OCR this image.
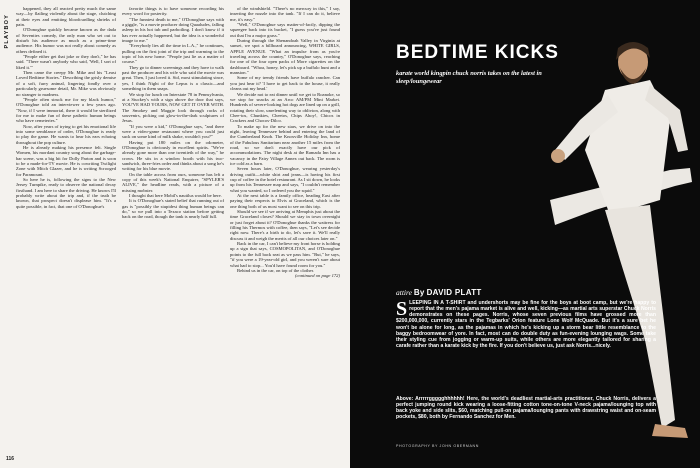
PLAYBOY

happened, they all reacted pretty much the same way—by flailing violently about the stage, clutching at their eyes and emitting bloodcurdling shrieks of pain.

O'Donoghue quickly became known as the dada of Seventies comedy, the only man who set out to disturb his audience as much as a prime-time audience. His humor was not really about comedy as others defined it.

"People either get that joke or they don't," he has said. "There wasn't anybody who said, 'Well, I sort of liked it.'"

Then came the creepy Mr. Mike and his "Least Loved Bedtime Stories." Describing the grisly demise of a soft, furry animal, lingering fondly over a particularly gruesome detail, Mr. Mike was obviously no stranger to madness.

"People often struck me for my black humor," O'Donoghue told an interviewer a few years ago. "Now, if I were immortal, there it would be sterilized for me to make fun of these pathetic human beings who have cemeteries."

Now, after years of trying to get his emotional life into some semblance of order, O'Donoghue is ready to play the game. He wants to hear his ears echoing throughout the pop culture.

He is already making his presence felt. Single Women, his mordant country song about the garbage-bar scene, was a big hit for Dolly Parton and is soon to be a made-for-TV movie. He is cowriting Twilight Zone with Mitch Glazer, and he is writing Scrooged for Paramount.

So here he is, following the signs to the New Jersey Turnpike, ready to observe the national decay firsthand. I am here to share the driving. He knows I'll probably write about the trip and, if the truth be known, that prospect doesn't displease him. "It's a quite possible, in fact, that one of O'Donoghue's

favorite things is to have someone recording his every word for posterity.

"The funniest death to me," O'Donoghue says with a giggle, "is a movie producer doing Quaaludes, falling asleep in his hot tub and parboiling. I don't know if it has ever actually happened, but the idea is a wonderful image to me."

"Everybody lies all the time in L.A.," he continues, pulling on the first joint of the trip and warming to the topic of his new home. "People just lie as a matter of course."

They go to dinner screenings and they have to walk past the producer and his wife who said the movie was great. Then, I just loved it. Sid, most stimulating since, yes, I think Night of the Lepus is a classic—and something in them snaps.

We stop for lunch on Interstate 78 in Pennsylvania, at a Stuckey's with a sign above the door that says, YOU'VE HAD YOURS, NOW GET IT OVER WITH. The Smokey and Maggie look through racks of souvenirs, picking out glow-in-the-dark sculptures of Jesus.

"If you were a kid," O'Donoghue says, "and there were a video-game restaurant where you could just suck on some kind of milk shake, wouldn't you?"

Having put 180 miles on the odometer, O'Donoghue is obviously in excellent spirits. "We've already gone more than one twentieth of the way," he crows. He sits in a window booth with his two-sandwich, three-fries order and thinks about a song he's writing for his blue movie.

On the table across from ours, someone has left a copy of this week's National Enquirer, "SPYLER'S ALIVE," the headline reads, with a picture of a missing mobster.

I thought that here Mobil's nautilus would be here.

It is O'Donoghue's stated belief that running out of gas is "possibly the stupidest thing human beings can do," so we pull into a Texaco station before getting back on the road, though the tank is nearly half full.

of the windshield. "There's no mercury in this," I say, inserting the nozzle into the tank. "If I can do it, believe me, it's easy."

"Well," O'Donoghue says matter-of-factly, dipping the squeegee back into its bucket, "I guess you've just found out that I'm a major grass."

During through the Shenandoah Valley in Virginia at sunset, we spot a billboard announcing, WHITE GIRLS, APPLE AVENUE. "What an impulse from as you're traveling across the country," O'Donoghue says, reaching for one of the four open packs of More cigarettes on the dashboard. "Whoa, honey, let's pick up a buffalo hunt and a mansion."

Some of my trendy friends have buffalo rancher. Can you just hear it? 'I have to get back to the house, it really cleans out my head.'

We decide not to eat dinner until we get to Roanoke, so we stop for snacks at an Arco AM/PM Mini Market. Hundreds of severe-looking hot dogs are lined up on a grill, rotating their slow, unrelenting way to oblivion, along with Chee-tos, Chunkies, Cheetos, Chips Ahoy!, Chicos in Crackers and Chocos-Dilco.

To make up for the new stars, we drive on into the night, leaving Tennessee behind and entering the land of the Cumberland Knob. The Knoxville Holiday Inn, home of the Fabulous Sanitarium near another 15 miles from the road, so we don't exactly have our pick of accommodations. The night desk at the Ramada Inn has a vacancy in the Fairy Village Annex out back. The room is ice cold as a barn.

Seven hours later, O'Donoghue, wearing yesterday's driving outfit—white shirt and jeans—is having his first cup of coffee in the hotel restaurant. As I sit down, he looks up from his Tennessee map and says, "I couldn't remember what you wanted, so I ordered you the squid."

At the next table is a family office, heading East after paying their respects to Elvis at Graceland, which is the one thing both of us most want to see on this trip.

Should we see if we arriving at Memphis just about the time Graceland closes? Should we stay in town overnight or just forget about it? O'Donoghue thanks the waitress for filling his Thermos with coffee, then says, "Let's see decide right now. There's a birth to do, let's save it. We'll really discuss it and weigh the merits of all our choices later on."

Back in the car, I can't believe my front horse is holding up a sign that says, COSMOPOLITAN, and O'Donoghue points to the full back seat as we pass him. "But," he says, "if you were a 19-year-old girl, and you weren't sure about what had to stop... You'd have found room for you."

Behind us in the car, on top of the clothes

(continued on page 172)

116
BEDTIME KICKS
karate world kingpin chuck norris takes on the latest in sleep/loungewear
attire By DAVID PLATT
S LEEPING IN A T-SHIRT and undershorts may be fine for the boys at boot camp, but we're happy to report that the men's pajama market is alive and well, kicking—as martial arts superstar Chuck Norris demonstrates on these pages. Norris, whose seven previous films have grossed more than $200,000,000, currently stars in the Tegbarks' Orion feature Lone Wolf McQuade. But it's a sure bet he won't be alone for long, as the pajamas in which he's kicking up a storm bear little resemblance to the baggy bedroomwear of yore. In fact, most can do double duty as fun-evening lounging wags. Some take their styling cue from jogging or warm-up suits, while others are more elegantly tailored for sharing a carafe rather than a karate kick by the fire. If you don't believe us, just ask Norris...nicely.
Above: Arrrrrggggghhhhhh! Here, the world's deadliest martial-arts practitioner, Chuck Norris, delivers a perfect jumping round kick wearing a loose-fitting cotton tone-on-tone V-neck pajama/lounging top with back yoke and side slits, $60, matching pull-on pajama/lounging pants with drawstring waist and on-seam pockets, $80, both by Fernando Sanchez for Men.
PHOTOGRAPHY BY JOHN OBERMANN
